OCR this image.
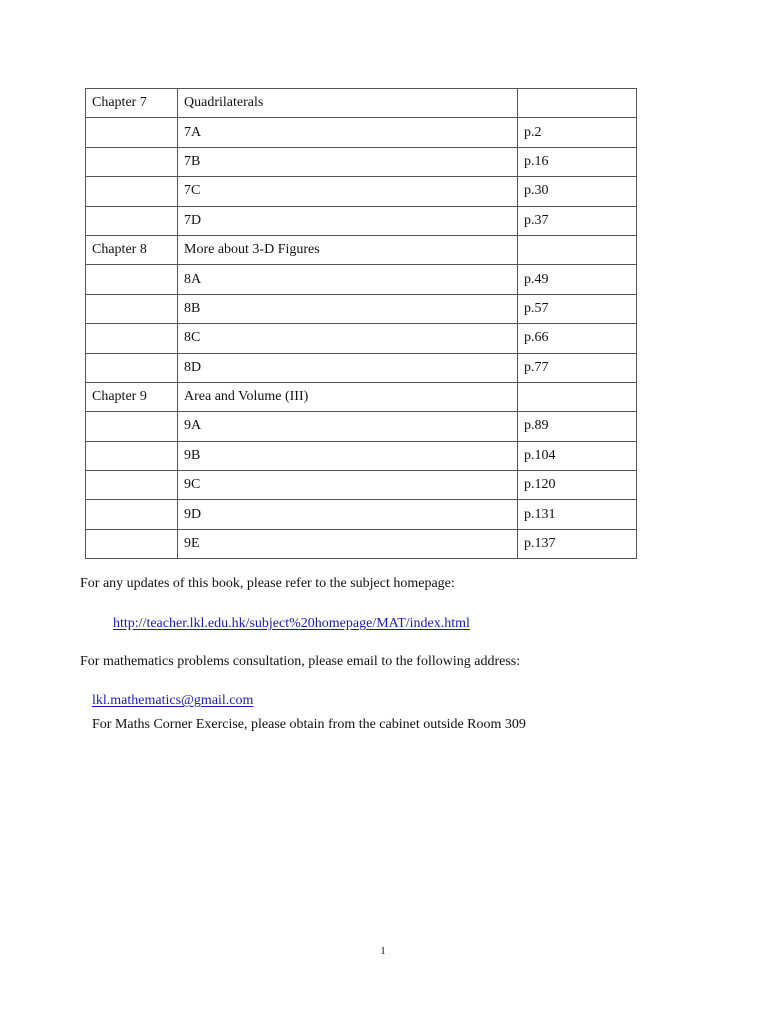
Chapter 7	Quadrilaterals	
	7A	p.2
	7B	p.16
	7C	p.30
	7D	p.37
Chapter 8	More about 3-D Figures	
	8A	p.49
	8B	p.57
	8C	p.66
	8D	p.77
Chapter 9	Area and Volume (III)	
	9A	p.89
	9B	p.104
	9C	p.120
	9D	p.131
	9E	p.137
For any updates of this book, please refer to the subject homepage:
http://teacher.lkl.edu.hk/subject%20homepage/MAT/index.html
For mathematics problems consultation, please email to the following address:
lkl.mathematics@gmail.com
For Maths Corner Exercise, please obtain from the cabinet outside Room 309
1
